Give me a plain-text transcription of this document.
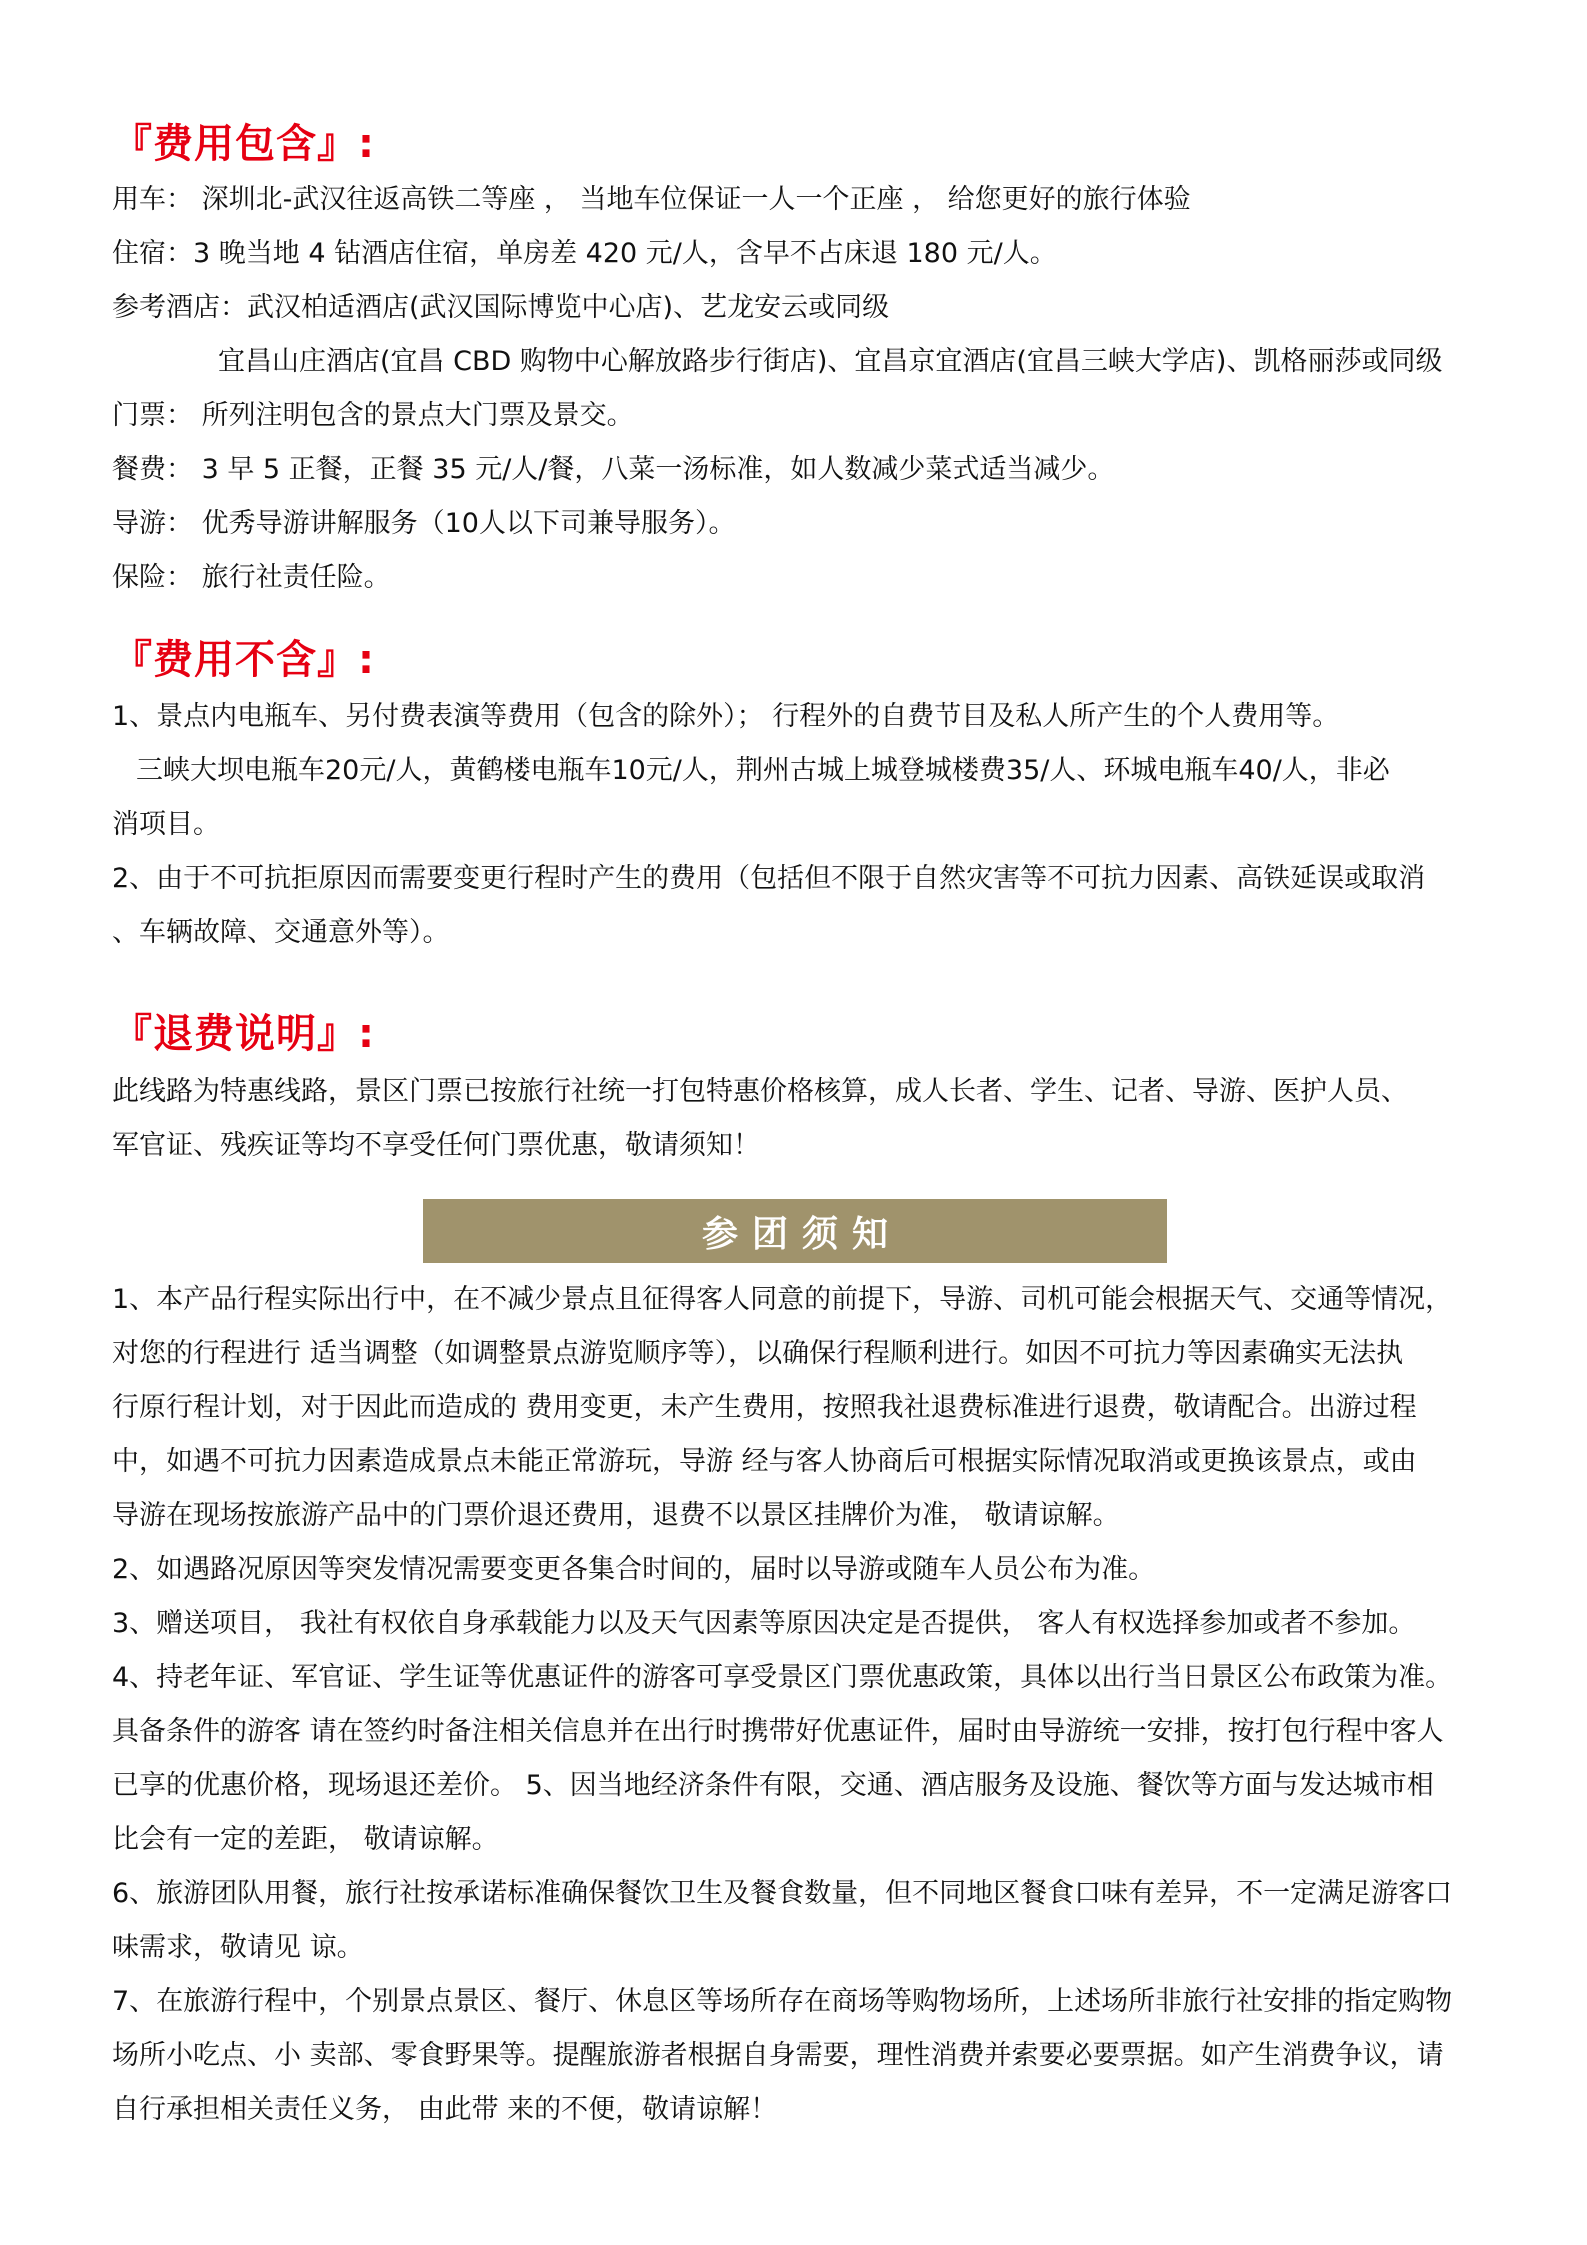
『费用包含』:

用车： 深圳北-武汉往返高铁二等座 ， 当地车位保证一人一个正座 ， 给您更好的旅行体验

住宿：3 晚当地 4 钻酒店住宿，单房差 420 元/人，含早不占床退 180 元/人。

参考酒店：武汉柏适酒店(武汉国际博览中心店)、艺龙安云或同级

宜昌山庄酒店(宜昌 CBD 购物中心解放路步行街店)、宜昌京宜酒店(宜昌三峡大学店)、凯格丽莎或同级

门票： 所列注明包含的景点大门票及景交。

餐费： 3 早 5 正餐，正餐 35 元/人/餐，八菜一汤标准，如人数减少菜式适当减少。

导游： 优秀导游讲解服务（10人以下司兼导服务）。

保险： 旅行社责任险。

『费用不含』:

1、景点内电瓶车、另付费表演等费用（包含的除外）； 行程外的自费节目及私人所产生的个人费用等。

三峡大坝电瓶车20元/人，黄鹤楼电瓶车10元/人，荆州古城上城登城楼费35/人、环城电瓶车40/人，非必

消项目。

2、由于不可抗拒原因而需要变更行程时产生的费用（包括但不限于自然灾害等不可抗力因素、高铁延误或取消

、车辆故障、交通意外等）。

『退费说明』:

此线路为特惠线路，景区门票已按旅行社统一打包特惠价格核算，成人长者、学生、记者、导游、医护人员、

军官证、残疾证等均不享受任何门票优惠，敬请须知！

参团须知

1、本产品行程实际出行中，在不减少景点且征得客人同意的前提下，导游、司机可能会根据天气、交通等情况，

对您的行程进行 适当调整（如调整景点游览顺序等），以确保行程顺利进行。如因不可抗力等因素确实无法执

行原行程计划，对于因此而造成的 费用变更，未产生费用，按照我社退费标准进行退费，敬请配合。出游过程

中，如遇不可抗力因素造成景点未能正常游玩，导游 经与客人协商后可根据实际情况取消或更换该景点，或由

导游在现场按旅游产品中的门票价退还费用，退费不以景区挂牌价为准， 敬请谅解。

2、如遇路况原因等突发情况需要变更各集合时间的，届时以导游或随车人员公布为准。

3、赠送项目， 我社有权依自身承载能力以及天气因素等原因决定是否提供， 客人有权选择参加或者不参加。

4、持老年证、军官证、学生证等优惠证件的游客可享受景区门票优惠政策，具体以出行当日景区公布政策为准。

具备条件的游客 请在签约时备注相关信息并在出行时携带好优惠证件，届时由导游统一安排，按打包行程中客人

已享的优惠价格，现场退还差价。 5、因当地经济条件有限，交通、酒店服务及设施、餐饮等方面与发达城市相

比会有一定的差距， 敬请谅解。

6、旅游团队用餐，旅行社按承诺标准确保餐饮卫生及餐食数量，但不同地区餐食口味有差异，不一定满足游客口

味需求，敬请见 谅。

7、在旅游行程中，个别景点景区、餐厅、休息区等场所存在商场等购物场所，上述场所非旅行社安排的指定购物

场所小吃点、小 卖部、零食野果等。提醒旅游者根据自身需要，理性消费并索要必要票据。如产生消费争议，请

自行承担相关责任义务， 由此带 来的不便，敬请谅解！
